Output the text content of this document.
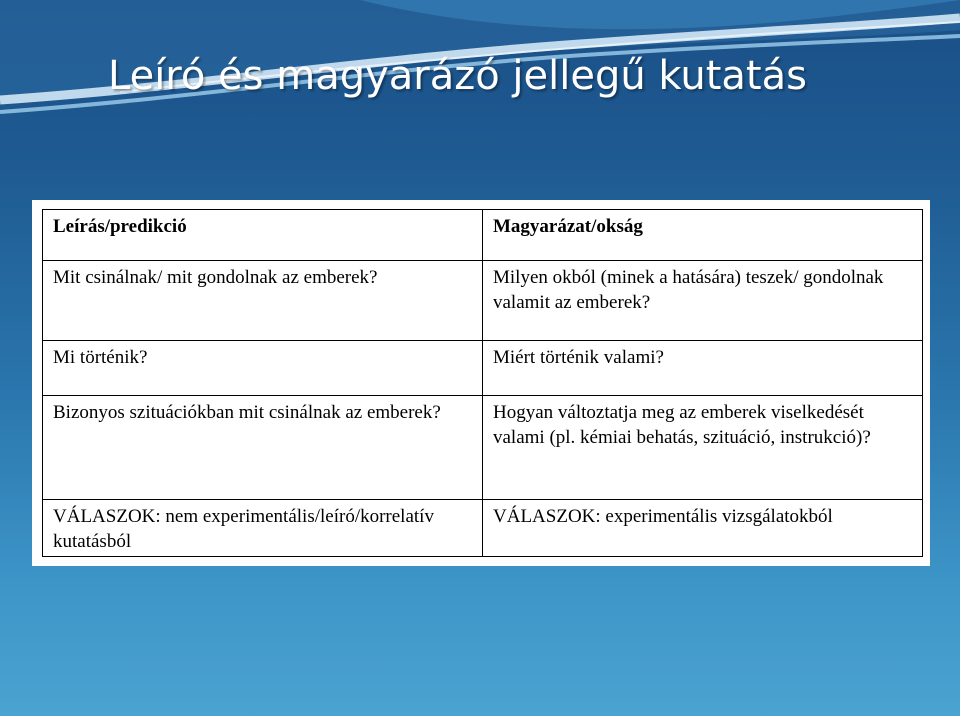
Leíró és magyarázó jellegű kutatás
Leírás/predikció	Magyarázat/okság
Mit csinálnak/ mit gondolnak az emberek?	Milyen okból (minek a hatására) teszek/ gondolnak valamit az emberek?
Mi történik?	Miért történik valami?
Bizonyos szituációkban mit csinálnak az emberek?	Hogyan változtatja meg az emberek viselkedését valami (pl. kémiai behatás, szituáció, instrukció)?
VÁLASZOK: nem experimentális/leíró/korrelatív kutatásból	VÁLASZOK: experimentális vizsgálatokból
